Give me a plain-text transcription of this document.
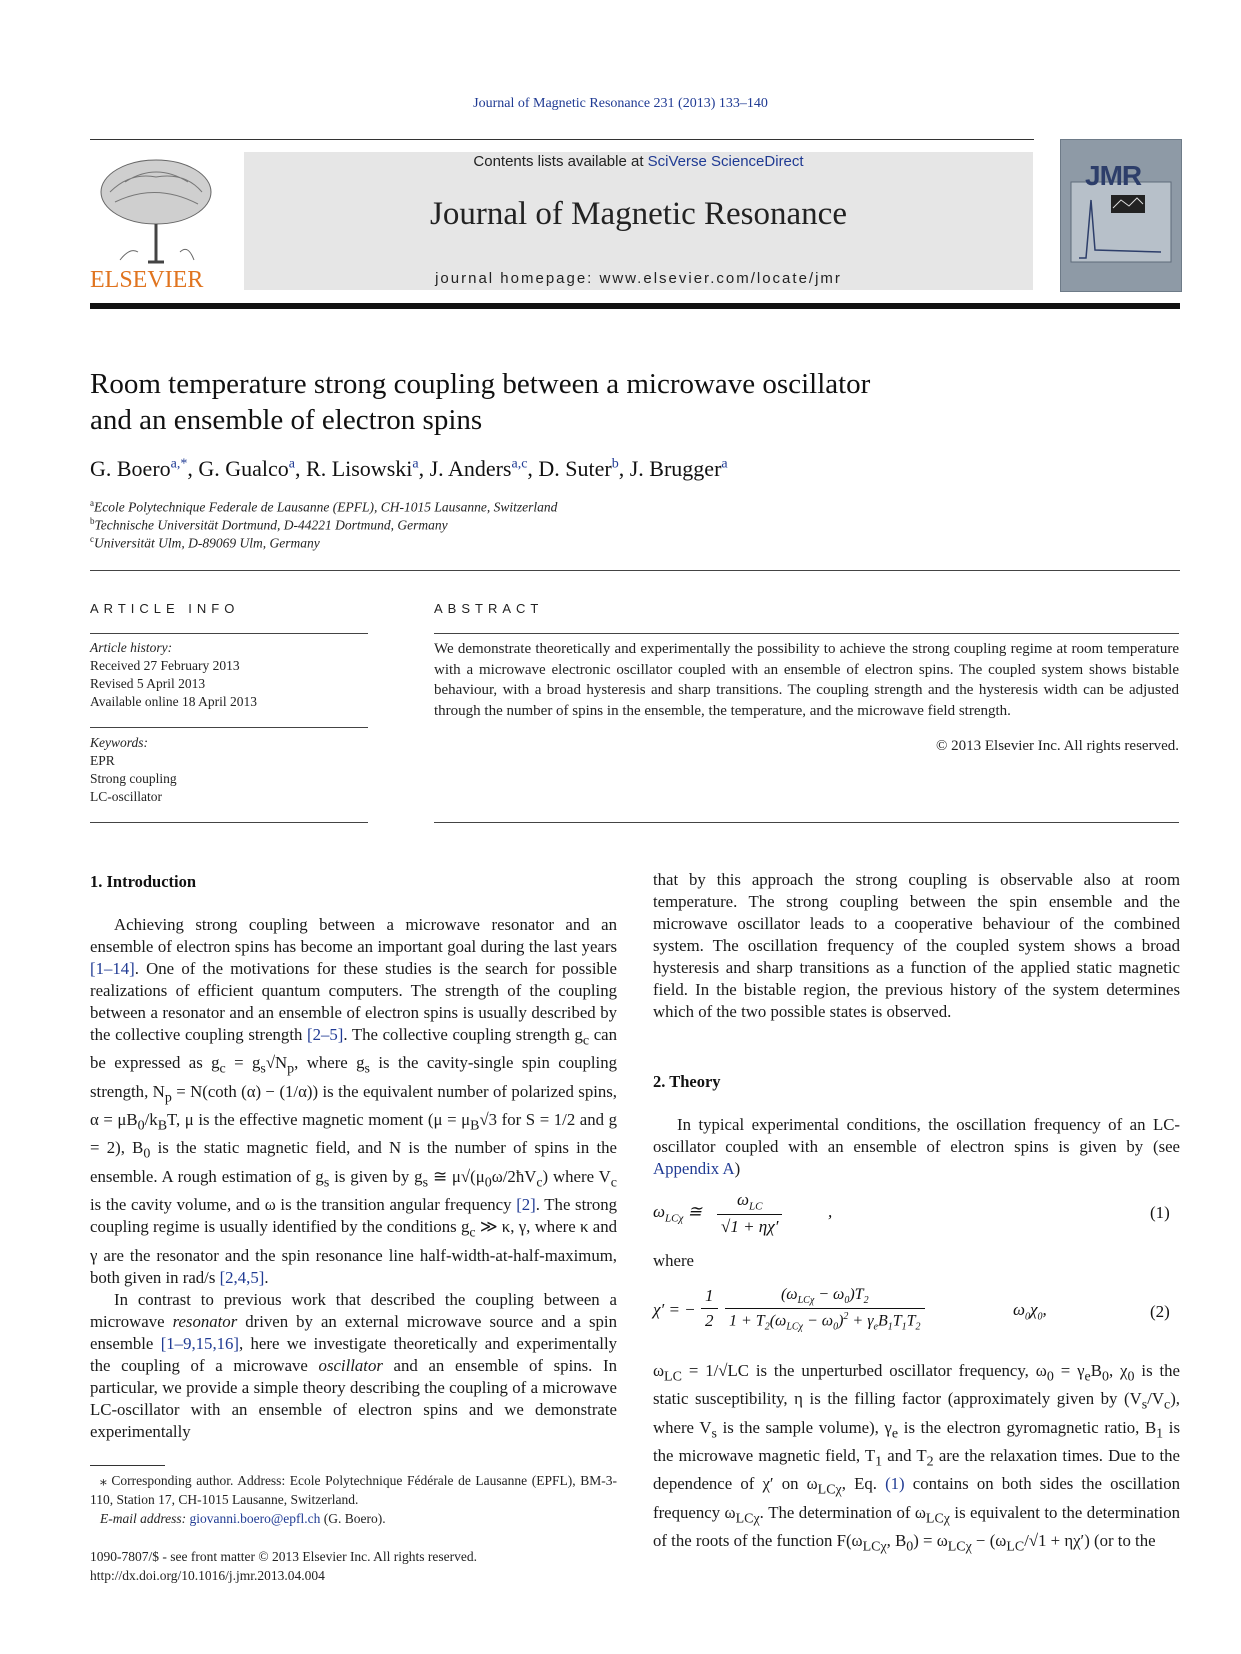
Journal of Magnetic Resonance 231 (2013) 133–140
ELSEVIER
Contents lists available at SciVerse ScienceDirect
Journal of Magnetic Resonance
journal homepage: www.elsevier.com/locate/jmr
JMR
Room temperature strong coupling between a microwave oscillator
and an ensemble of electron spins
G. Boero$^{a,*}$, G. Gualco$^a$, R. Lisowski$^a$, J. Anders$^{a,c}$, D. Suter$^b$, J. Brugger$^a$
$^a$Ecole Polytechnique Federale de Lausanne (EPFL), CH-1015 Lausanne, Switzerland
$^b$Technische Universität Dortmund, D-44221 Dortmund, Germany
$^c$Universität Ulm, D-89069 Ulm, Germany
ARTICLE INFO
Article history:
Received 27 February 2013
Revised 5 April 2013
Available online 18 April 2013
Keywords:
EPR
Strong coupling
LC-oscillator
ABSTRACT
We demonstrate theoretically and experimentally the possibility to achieve the strong coupling regime at room temperature with a microwave electronic oscillator coupled with an ensemble of electron spins. The coupled system shows bistable behaviour, with a broad hysteresis and sharp transitions. The coupling strength and the hysteresis width can be adjusted through the number of spins in the ensemble, the temperature, and the microwave field strength.
© 2013 Elsevier Inc. All rights reserved.
1. Introduction

Achieving strong coupling between a microwave resonator and an ensemble of electron spins has become an important goal during the last years [1–14]. One of the motivations for these studies is the search for possible realizations of efficient quantum computers. The strength of the coupling between a resonator and an ensemble of electron spins is usually described by the collective coupling strength [2–5]. The collective coupling strength $g_c$ can be expressed as $g_c = g_s√N_p$, where $g_s$ is the cavity-single spin coupling strength, $N_p = N(\cot h$ (α) − (1/α)) is the equivalent number of polarized spins, $\alpha = \mu B_0/k_BT$, μ is the effective magnetic moment ($\mu = \mu_B√3$ for S = 1/2 and g = 2), $B_0$ is the static magnetic field, and N is the number of spins in the ensemble. A rough estimation of $g_s$ is given by $g_s$ ≅ $\mu√(\mu_0\omega/2ħV_c)$ where $V_c$ is the cavity volume, and ω is the transition angular frequency [2]. The strong coupling regime is usually identified by the conditions $g_c$ ≫ κ, γ, where κ and γ are the resonator and the spin resonance line half-width-at-half-maximum, both given in rad/s [2,4,5].

In contrast to previous work that described the coupling between a microwave resonator driven by an external microwave source and a spin ensemble [1–9,15,16], here we investigate theoretically and experimentally the coupling of a microwave oscillator and an ensemble of spins. In particular, we provide a simple theory describing the coupling of a microwave LC-oscillator with an ensemble of electron spins and we demonstrate experimentally

⁎ Corresponding author. Address: Ecole Polytechnique Fédérale de Lausanne (EPFL), BM-3-110, Station 17, CH-1015 Lausanne, Switzerland.
E-mail address: giovanni.boero@epfl.ch (G. Boero).
1090-7807/$ - see front matter © 2013 Elsevier Inc. All rights reserved.
http://dx.doi.org/10.1016/j.jmr.2013.04.004

that by this approach the strong coupling is observable also at room temperature. The strong coupling between the spin ensemble and the microwave oscillator leads to a cooperative behaviour of the combined system. The oscillation frequency of the coupled system shows a broad hysteresis and sharp transitions as a function of the applied static magnetic field. In the bistable region, the previous history of the system determines which of the two possible states is observed.

2. Theory

In typical experimental conditions, the oscillation frequency of an LC-oscillator coupled with an ensemble of electron spins is given by (see Appendix A)

$\omega_{LC\chi}$ ≅
$\omega_{LC}$
√1 + ηχ′
,	(1)
where
χ′ = − $\frac{1}{2}$	$(\omega_{LC\chi} - \omega_0)T_2$
$1 + T_2(\omega_{LC\chi} - \omega_0)^2 + \gamma_eB_1T_1T_2$
$\omega_0\chi_0$,	(2)

$\omega_{LC} = 1/√LC$ is the unperturbed oscillator frequency, $\omega_0 = \gamma_eB_0$, $\chi_0$ is the static susceptibility, η is the filling factor (approximately given by $(V_s/V_c)$, where $V_s$ is the sample volume), $\gamma_e$ is the electron gyromagnetic ratio, $B_1$ is the microwave magnetic field, $T_1$ and $T_2$ are the relaxation times. Due to the dependence of χ′ on $\omega_{LC\chi}$, Eq. (1) contains on both sides the oscillation frequency $\omega_{LC\chi}$. The determination of $\omega_{LC\chi}$ is equivalent to the determination of the roots of the function $F(\omega_{LC\chi}$, $B_0) = \omega_{LC\chi} - (\omega_{LC}/√1 + \eta\chi')$ (or to the
